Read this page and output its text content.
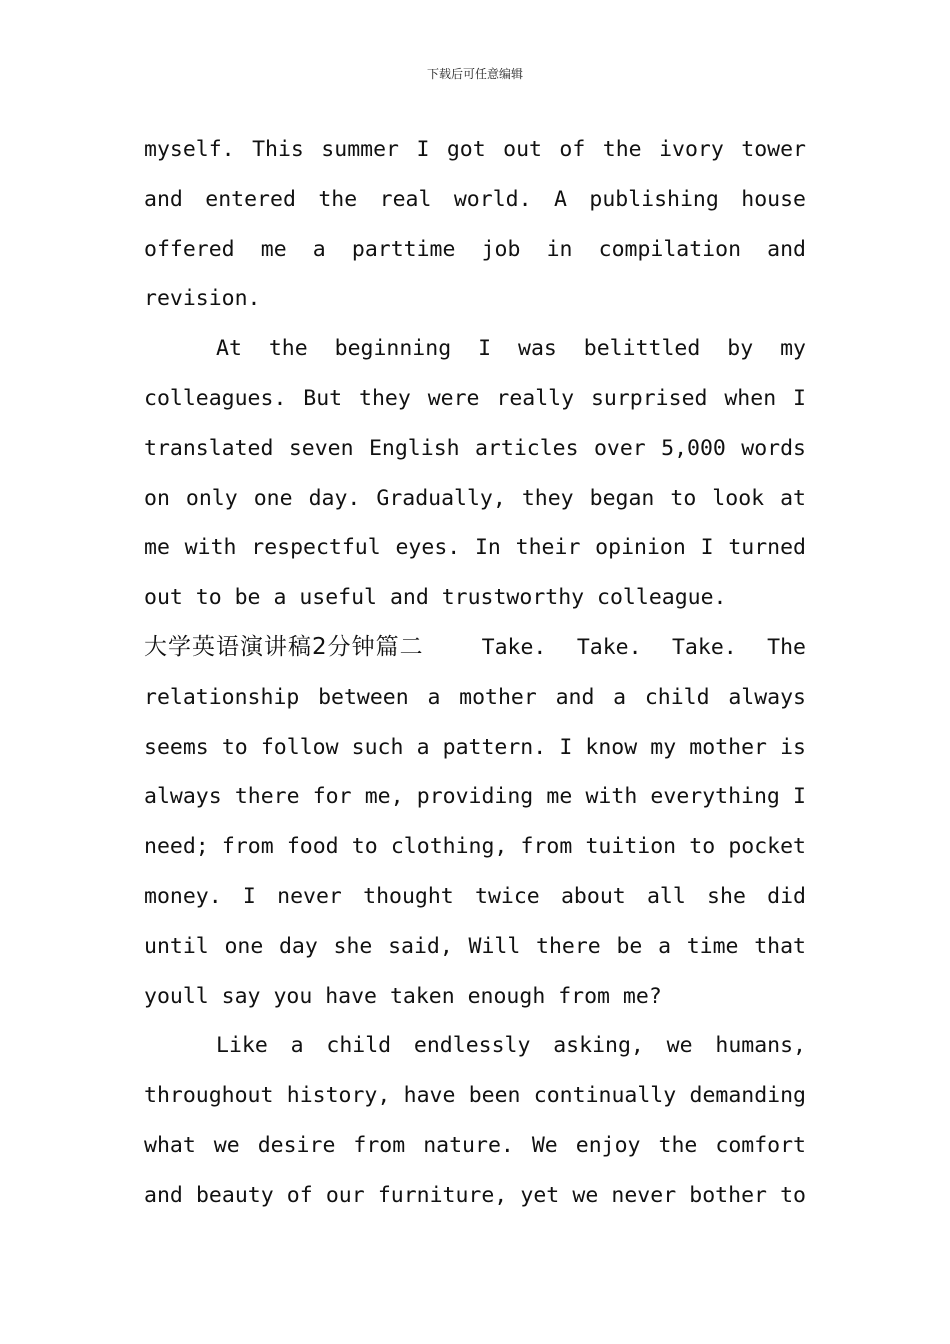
下载后可任意编辑
myself. This summer I got out of the ivory tower
and entered the real world. A publishing house
offered me a parttime job in compilation and
revision.
At the beginning I was belittled by my
colleagues. But they were really surprised when I
translated seven English articles over 5,000 words
on only one day. Gradually, they began to look at
me with respectful eyes. In their opinion I turned
out to be a useful and trustworthy colleague.
大学英语演讲稿2分钟篇二	Take. Take. Take. The
relationship between a mother and a child always
seems to follow such a pattern. I know my mother is
always there for me, providing me with everything I
need; from food to clothing, from tuition to pocket
money. I never thought twice about all she did
until one day she said, Will there be a time that
youll say you have taken enough from me?
Like a child endlessly asking, we humans,
throughout history, have been continually demanding
what we desire from nature. We enjoy the comfort
and beauty of our furniture, yet we never bother to
